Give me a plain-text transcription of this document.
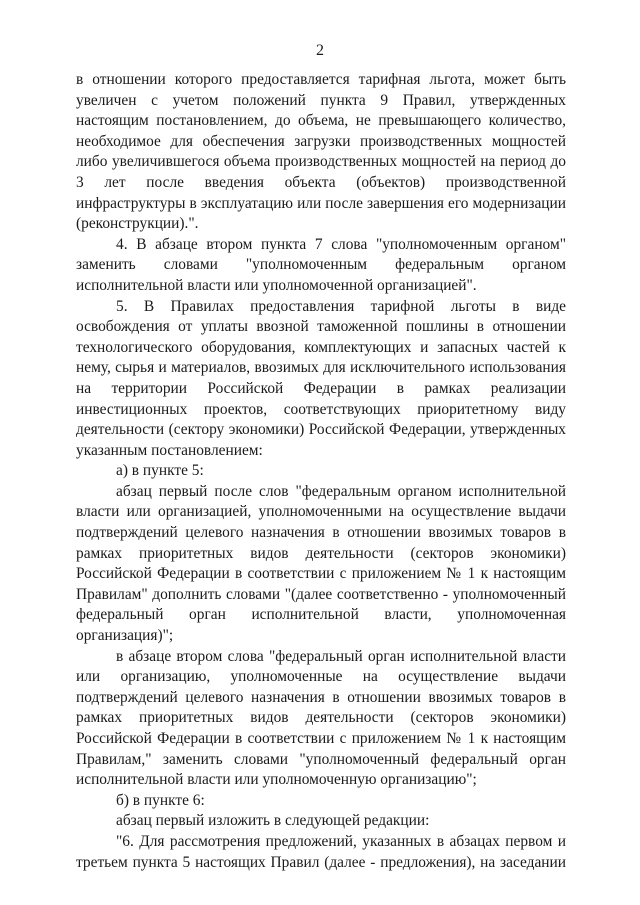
2

в отношении которого предоставляется тарифная льгота, может быть увеличен с учетом положений пункта 9 Правил, утвержденных настоящим постановлением, до объема, не превышающего количество, необходимое для обеспечения загрузки производственных мощностей либо увеличившегося объема производственных мощностей на период до 3 лет после введения объекта (объектов) производственной инфраструктуры в эксплуатацию или после завершения его модернизации (реконструкции).".

4. В абзаце втором пункта 7 слова "уполномоченным органом" заменить словами "уполномоченным федеральным органом исполнительной власти или уполномоченной организацией".

5. В Правилах предоставления тарифной льготы в виде освобождения от уплаты ввозной таможенной пошлины в отношении технологического оборудования, комплектующих и запасных частей к нему, сырья и материалов, ввозимых для исключительного использования на территории Российской Федерации в рамках реализации инвестиционных проектов, соответствующих приоритетному виду деятельности (сектору экономики) Российской Федерации, утвержденных указанным постановлением:

а) в пункте 5:

абзац первый после слов "федеральным органом исполнительной власти или организацией, уполномоченными на осуществление выдачи подтверждений целевого назначения в отношении ввозимых товаров в рамках приоритетных видов деятельности (секторов экономики) Российской Федерации в соответствии с приложением № 1 к настоящим Правилам" дополнить словами "(далее соответственно - уполномоченный федеральный орган исполнительной власти, уполномоченная организация)";

в абзаце втором слова "федеральный орган исполнительной власти или организацию, уполномоченные на осуществление выдачи подтверждений целевого назначения в отношении ввозимых товаров в рамках приоритетных видов деятельности (секторов экономики) Российской Федерации в соответствии с приложением № 1 к настоящим Правилам," заменить словами "уполномоченный федеральный орган исполнительной власти или уполномоченную организацию";

б) в пункте 6:

абзац первый изложить в следующей редакции:

"6. Для рассмотрения предложений, указанных в абзацах первом и третьем пункта 5 настоящих Правил (далее - предложения), на заседании
